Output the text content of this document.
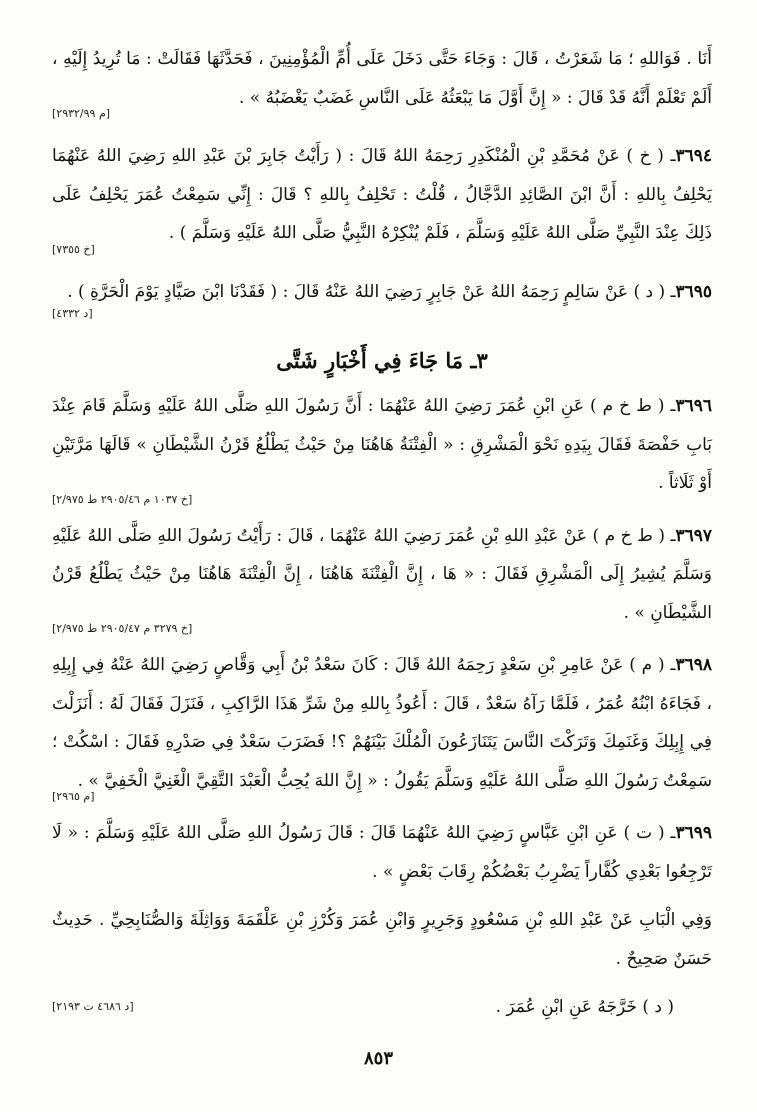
أَنَا . فَوَاللهِ ؛ مَا شَعَرْتُ ، قَالَ : وَجَاءَ حَتَّى دَخَلَ عَلَى أُمِّ الْمُؤْمِنِينَ ، فَحَدَّثَهَا فَقَالَتْ : مَا تُرِيدُ إِلَيْهِ ، أَلَمْ تَعْلَمْ أَنَّهُ قَدْ قَالَ : « إِنَّ أَوَّلَ مَا يَبْعَثُهُ عَلَى النَّاسِ غَضَبٌ يَغْضَبُهُ » .

[م ٢٩٣٢/٩٩]

٣٦٩٤ـ ( خ ) عَنْ مُحَمَّدِ بْنِ الْمُنْكَدِرِ رَحِمَهُ اللهُ قَالَ : ( رَأَيْتُ جَابِرَ بْنَ عَبْدِ اللهِ رَضِيَ اللهُ عَنْهُمَا يَحْلِفُ بِاللهِ : أَنَّ ابْنَ الصَّائِدِ الدَّجَّالُ ، قُلْتُ : تَحْلِفُ بِاللهِ ؟ قَالَ : إِنِّي سَمِعْتُ عُمَرَ يَحْلِفُ عَلَى ذَلِكَ عِنْدَ النَّبِيِّ صَلَّى اللهُ عَلَيْهِ وَسَلَّمَ ، فَلَمْ يُنْكِرْهُ النَّبِيُّ صَلَّى اللهُ عَلَيْهِ وَسَلَّمَ ) .

[خ ٧٣٥٥]

٣٦٩٥ـ ( د ) عَنْ سَالِمٍ رَحِمَهُ اللهُ عَنْ جَابِرٍ رَضِيَ اللهُ عَنْهُ قَالَ : ( فَقَدْنَا ابْنَ صَيَّادٍ يَوْمَ الْحَرَّةِ ) .

[د ٤٣٣٢]
٣ـ مَا جَاءَ فِي أَخْبَارٍ شَتَّى

٣٦٩٦ـ ( ط خ م ) عَنِ ابْنِ عُمَرَ رَضِيَ اللهُ عَنْهُمَا : أَنَّ رَسُولَ اللهِ صَلَّى اللهُ عَلَيْهِ وَسَلَّمَ قَامَ عِنْدَ بَابِ حَفْصَةَ فَقَالَ بِيَدِهِ نَحْوَ الْمَشْرِقِ : « الْفِتْنَةُ هَاهُنَا مِنْ حَيْثُ يَطْلُعُ قَرْنُ الشَّيْطَانِ » قَالَهَا مَرَّتَيْنِ أَوْ ثَلَاثاً .

[خ ١٠٣٧ م ٢٩٠٥/٤٦ ط ٢/٩٧٥]

٣٦٩٧ـ ( ط خ م ) عَنْ عَبْدِ اللهِ بْنِ عُمَرَ رَضِيَ اللهُ عَنْهُمَا ، قَالَ : رَأَيْتُ رَسُولَ اللهِ صَلَّى اللهُ عَلَيْهِ وَسَلَّمَ يُشِيرُ إِلَى الْمَشْرِقِ فَقَالَ : « هَا ، إِنَّ الْفِتْنَةَ هَاهُنَا ، إِنَّ الْفِتْنَةَ هَاهُنَا مِنْ حَيْثُ يَطْلُعُ قَرْنُ الشَّيْطَانِ » .

[خ ٣٢٧٩ م ٢٩٠٥/٤٧ ط ٢/٩٧٥]

٣٦٩٨ـ ( م ) عَنْ عَامِرِ بْنِ سَعْدٍ رَحِمَهُ اللهُ قَالَ : كَانَ سَعْدُ بْنُ أَبِي وَقَّاصٍ رَضِيَ اللهُ عَنْهُ فِي إِبِلِهِ ، فَجَاءَهُ ابْنُهُ عُمَرُ ، فَلَمَّا رَآهُ سَعْدٌ ، قَالَ : أَعُوذُ بِاللهِ مِنْ شَرِّ هَذَا الرَّاكِبِ ، فَنَزَلَ فَقَالَ لَهُ : أَنَزَلْتَ فِي إِبِلِكَ وَغَنَمِكَ وَتَرَكْتَ النَّاسَ يَتَنَازَعُونَ الْمُلْكَ بَيْنَهُمْ ؟! فَضَرَبَ سَعْدٌ فِي صَدْرِهِ فَقَالَ : اسْكُتْ ؛ سَمِعْتُ رَسُولَ اللهِ صَلَّى اللهُ عَلَيْهِ وَسَلَّمَ يَقُولُ : « إِنَّ اللهَ يُحِبُّ الْعَبْدَ التَّقِيَّ الْغَنِيَّ الْخَفِيَّ » .

[م ٢٩٦٥]

٣٦٩٩ـ ( ت ) عَنِ ابْنِ عَبَّاسٍ رَضِيَ اللهُ عَنْهُمَا قَالَ : قَالَ رَسُولُ اللهِ صَلَّى اللهُ عَلَيْهِ وَسَلَّمَ : « لَا تَرْجِعُوا بَعْدِي كُفَّاراً يَضْرِبُ بَعْضُكُمْ رِقَابَ بَعْضٍ » .

وَفِي الْبَابِ عَنْ عَبْدِ اللهِ بْنِ مَسْعُودٍ وَجَرِيرٍ وَابْنِ عُمَرَ وَكُرْزِ بْنِ عَلْقَمَةَ وَوَاثِلَةَ وَالصُّنَابِحِيِّ . حَدِيثٌ حَسَنٌ صَحِيحٌ .

( د ) خَرَّجَهُ عَنِ ابْنِ عُمَرَ .

[د ٤٦٨٦ ت ٢١٩٣]
٨٥٣
